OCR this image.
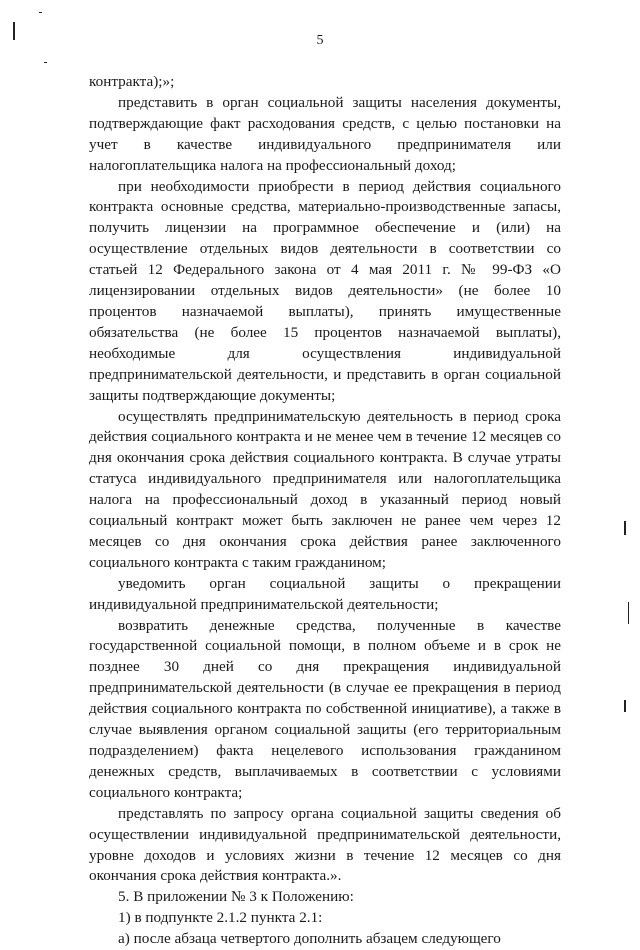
5

контракта);»;

представить в орган социальной защиты населения документы, подтверждающие факт расходования средств, с целью постановки на учет в качестве индивидуального предпринимателя или налогоплательщика налога на профессиональный доход;

при необходимости приобрести в период действия социального контракта основные средства, материально-производственные запасы, получить лицензии на программное обеспечение и (или) на осуществление отдельных видов деятельности в соответствии со статьей 12 Федерального закона от 4 мая 2011 г. № 99-ФЗ «О лицензировании отдельных видов деятельности» (не более 10 процентов назначаемой выплаты), принять имущественные обязательства (не более 15 процентов назначаемой выплаты), необходимые для осуществления индивидуальной предпринимательской деятельности, и представить в орган социальной защиты подтверждающие документы;

осуществлять предпринимательскую деятельность в период срока действия социального контракта и не менее чем в течение 12 месяцев со дня окончания срока действия социального контракта. В случае утраты статуса индивидуального предпринимателя или налогоплательщика налога на профессиональный доход в указанный период новый социальный контракт может быть заключен не ранее чем через 12 месяцев со дня окончания срока действия ранее заключенного социального контракта с таким гражданином;

уведомить орган социальной защиты о прекращении индивидуальной предпринимательской деятельности;

возвратить денежные средства, полученные в качестве государственной социальной помощи, в полном объеме и в срок не позднее 30 дней со дня прекращения индивидуальной предпринимательской деятельности (в случае ее прекращения в период действия социального контракта по собственной инициативе), а также в случае выявления органом социальной защиты (его территориальным подразделением) факта нецелевого использования гражданином денежных средств, выплачиваемых в соответствии с условиями социального контракта;

представлять по запросу органа социальной защиты сведения об осуществлении индивидуальной предпринимательской деятельности, уровне доходов и условиях жизни в течение 12 месяцев со дня окончания срока действия контракта.».

5. В приложении № 3 к Положению:

1) в подпункте 2.1.2 пункта 2.1:

а) после абзаца четвертого дополнить абзацем следующего
